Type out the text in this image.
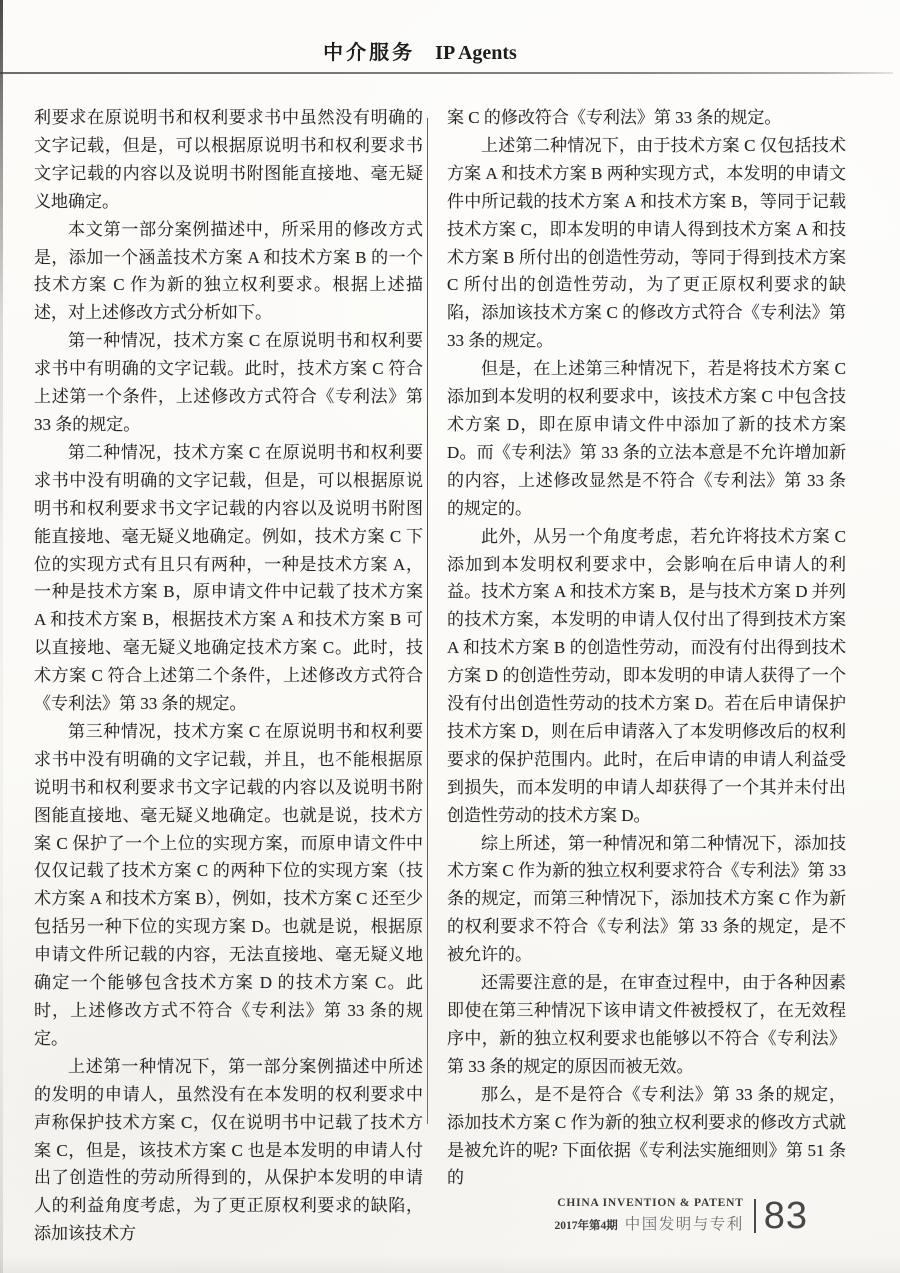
中介服务 IP Agents

利要求在原说明书和权利要求书中虽然没有明确的文字记载，但是，可以根据原说明书和权利要求书文字记载的内容以及说明书附图能直接地、毫无疑义地确定。

本文第一部分案例描述中，所采用的修改方式是，添加一个涵盖技术方案 A 和技术方案 B 的一个技术方案 C 作为新的独立权利要求。根据上述描述，对上述修改方式分析如下。

第一种情况，技术方案 C 在原说明书和权利要求书中有明确的文字记载。此时，技术方案 C 符合上述第一个条件，上述修改方式符合《专利法》第 33 条的规定。

第二种情况，技术方案 C 在原说明书和权利要求书中没有明确的文字记载，但是，可以根据原说明书和权利要求书文字记载的内容以及说明书附图能直接地、毫无疑义地确定。例如，技术方案 C 下位的实现方式有且只有两种，一种是技术方案 A，一种是技术方案 B，原申请文件中记载了技术方案 A 和技术方案 B，根据技术方案 A 和技术方案 B 可以直接地、毫无疑义地确定技术方案 C。此时，技术方案 C 符合上述第二个条件，上述修改方式符合《专利法》第 33 条的规定。

第三种情况，技术方案 C 在原说明书和权利要求书中没有明确的文字记载，并且，也不能根据原说明书和权利要求书文字记载的内容以及说明书附图能直接地、毫无疑义地确定。也就是说，技术方案 C 保护了一个上位的实现方案，而原申请文件中仅仅记载了技术方案 C 的两种下位的实现方案（技术方案 A 和技术方案 B），例如，技术方案 C 还至少包括另一种下位的实现方案 D。也就是说，根据原申请文件所记载的内容，无法直接地、毫无疑义地确定一个能够包含技术方案 D 的技术方案 C。此时，上述修改方式不符合《专利法》第 33 条的规定。

上述第一种情况下，第一部分案例描述中所述的发明的申请人，虽然没有在本发明的权利要求中声称保护技术方案 C，仅在说明书中记载了技术方案 C，但是，该技术方案 C 也是本发明的申请人付出了创造性的劳动所得到的，从保护本发明的申请人的利益角度考虑，为了更正原权利要求的缺陷，添加该技术方

案 C 的修改符合《专利法》第 33 条的规定。

上述第二种情况下，由于技术方案 C 仅包括技术方案 A 和技术方案 B 两种实现方式，本发明的申请文件中所记载的技术方案 A 和技术方案 B，等同于记载技术方案 C，即本发明的申请人得到技术方案 A 和技术方案 B 所付出的创造性劳动，等同于得到技术方案 C 所付出的创造性劳动，为了更正原权利要求的缺陷，添加该技术方案 C 的修改方式符合《专利法》第 33 条的规定。

但是，在上述第三种情况下，若是将技术方案 C 添加到本发明的权利要求中，该技术方案 C 中包含技术方案 D，即在原申请文件中添加了新的技术方案 D。而《专利法》第 33 条的立法本意是不允许增加新的内容，上述修改显然是不符合《专利法》第 33 条的规定的。

此外，从另一个角度考虑，若允许将技术方案 C 添加到本发明权利要求中，会影响在后申请人的利益。技术方案 A 和技术方案 B，是与技术方案 D 并列的技术方案，本发明的申请人仅付出了得到技术方案 A 和技术方案 B 的创造性劳动，而没有付出得到技术方案 D 的创造性劳动，即本发明的申请人获得了一个没有付出创造性劳动的技术方案 D。若在后申请保护技术方案 D，则在后申请落入了本发明修改后的权利要求的保护范围内。此时，在后申请的申请人利益受到损失，而本发明的申请人却获得了一个其并未付出创造性劳动的技术方案 D。

综上所述，第一种情况和第二种情况下，添加技术方案 C 作为新的独立权利要求符合《专利法》第 33 条的规定，而第三种情况下，添加技术方案 C 作为新的权利要求不符合《专利法》第 33 条的规定，是不被允许的。

还需要注意的是，在审查过程中，由于各种因素即使在第三种情况下该申请文件被授权了，在无效程序中，新的独立权利要求也能够以不符合《专利法》第 33 条的规定的原因而被无效。

那么，是不是符合《专利法》第 33 条的规定，添加技术方案 C 作为新的独立权利要求的修改方式就是被允许的呢? 下面依据《专利法实施细则》第 51 条的

CHINA INVENTION & PATENT
2017年第4期 中国发明与专利 83
